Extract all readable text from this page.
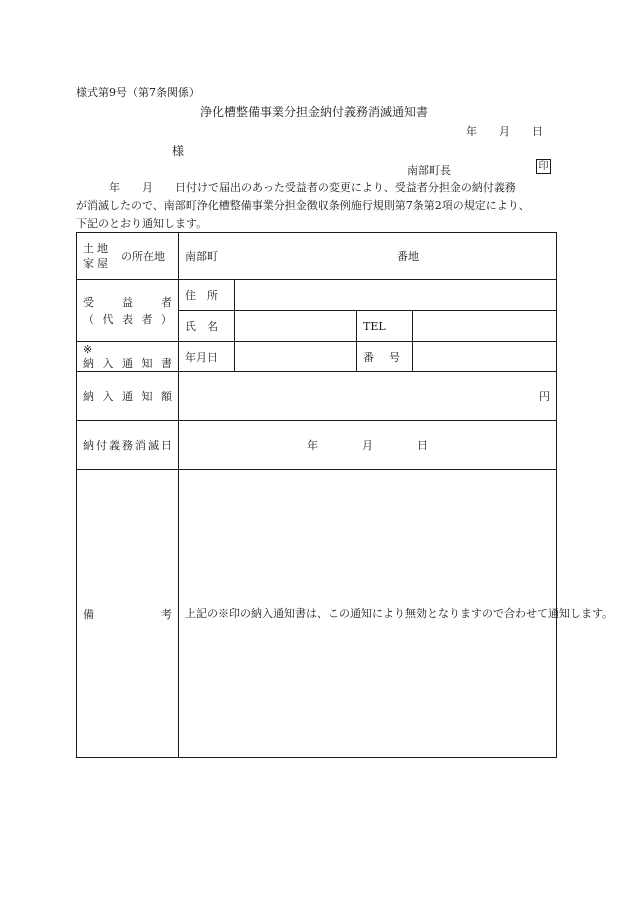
様式第9号（第7条関係）
浄化槽整備事業分担金納付義務消滅通知書
年　　月　　日
様
南部町長	印
　　　年　　月　　日付けで届出のあった受益者の変更により、受益者分担金の納付義務
が消滅したので、南部町浄化槽整備事業分担金徴収条例施行規則第7条第2項の規定により、
下記のとおり通知します。
土地
家屋
の所在地	南部町 番地			

受益者
（代表者）	住所			

	氏名		TEL	

※
納入通知書	年月日		番号	

納入通知額	円			

納付義務消滅日	年　　　　月　　　　日			

備考	上記の※印の納入通知書は、この通知により無効となりますので合わせて通知します。			
